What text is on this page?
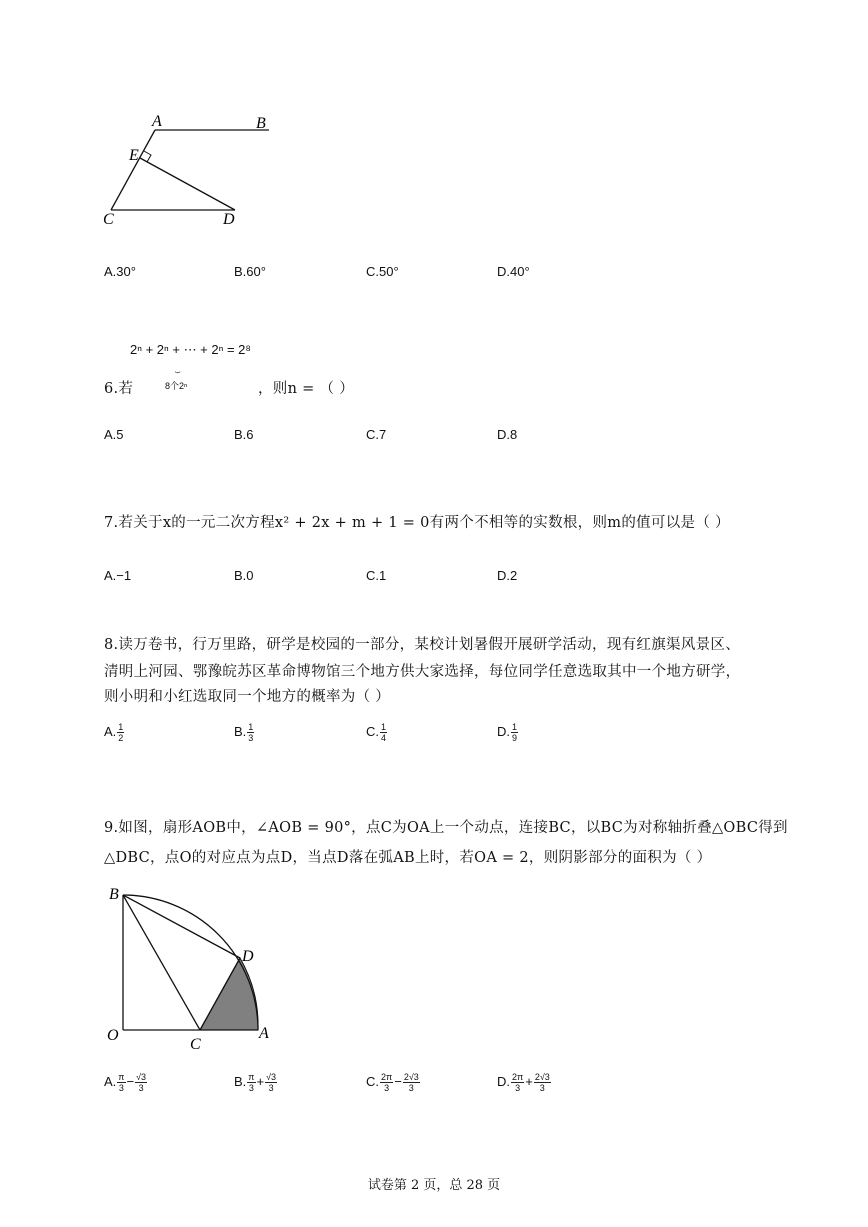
A	B
E
C	D
A.30°	B.60°	C.50°	D.40°
2ⁿ + 2ⁿ + ⋯ + 2ⁿ = 2⁸
⏟
8个2ⁿ
6.若	，则n = （ ）
A.5	B.6	C.7	D.8
7.若关于x的一元二次方程x² + 2x + m + 1 = 0有两个不相等的实数根，则m的值可以是（ ）
A.−1	B.0	C.1	D.2
8.读万卷书，行万里路，研学是校园的一部分，某校计划暑假开展研学活动，现有红旗渠风景区、
清明上河园、鄂豫皖苏区革命博物馆三个地方供大家选择，每位同学任意选取其中一个地方研学，
则小明和小红选取同一个地方的概率为（ ）
A. $\frac{1}{2}$	B. $\frac{1}{3}$	C. $\frac{1}{4}$	D. $\frac{1}{9}$
9.如图，扇形AOB中，∠AOB = 90°，点C为OA上一个动点，连接BC，以BC为对称轴折叠△OBC得到
△DBC，点O的对应点为点D，当点D落在弧AB上时，若OA = 2，则阴影部分的面积为（ ）
B
D
O
C
A
A. $\frac{\pi}{3} - \frac{√3}{3}$	B. $\frac{\pi}{3} + \frac{√3}{3}$	C. $\frac{2\pi}{3} - \frac{2√3}{3}$	D. $\frac{2\pi}{3} + \frac{2√3}{3}$
试卷第 2 页，总 28 页
